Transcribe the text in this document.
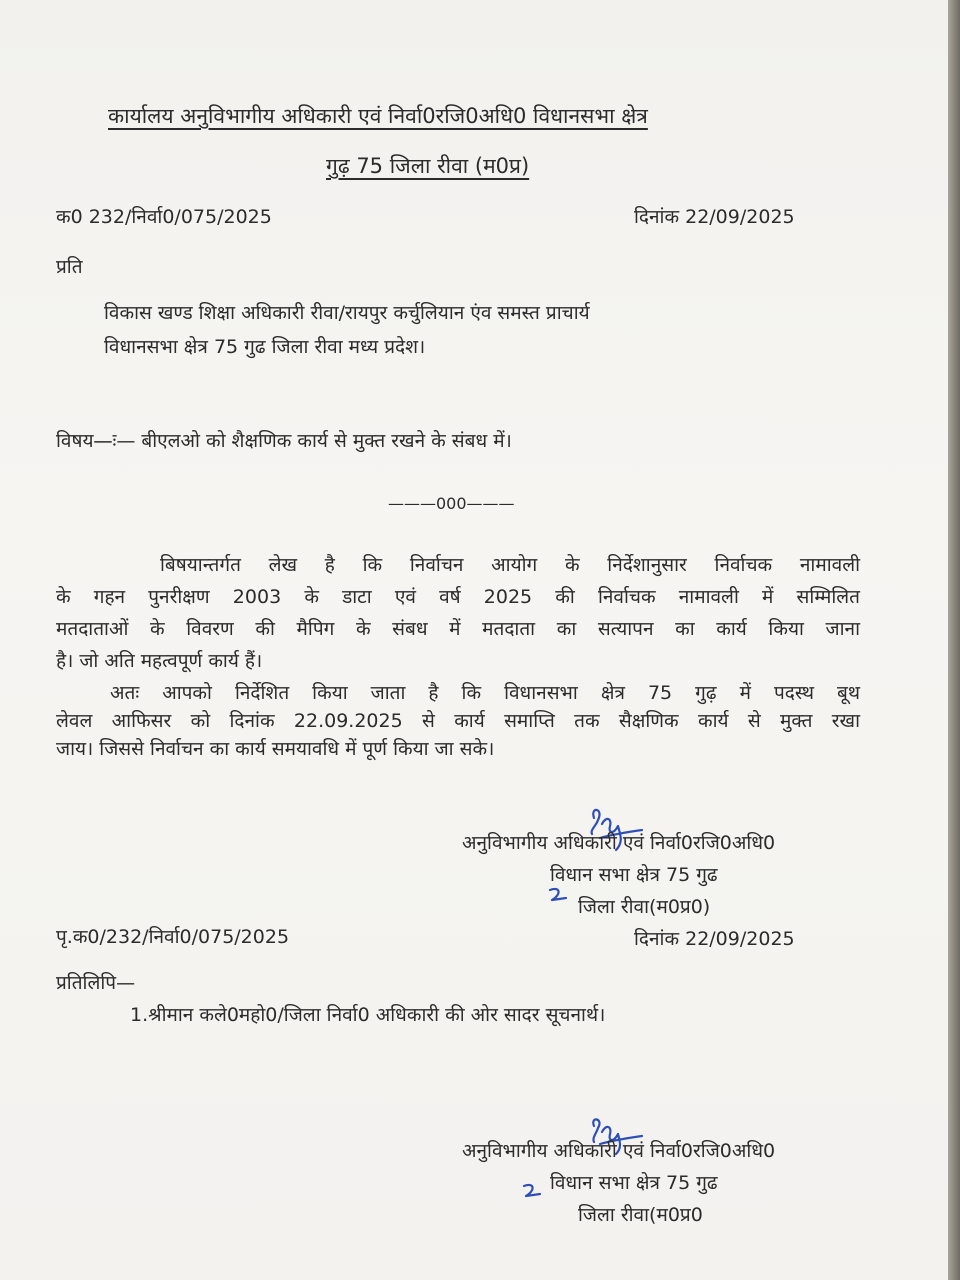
कार्यालय अनुविभागीय अधिकारी एवं निर्वा0रजि0अधि0 विधानसभा क्षेत्र
गुढ़ 75 जिला रीवा (म0प्र)
क0 232/निर्वा0/075/2025	दिनांक 22/09/2025
प्रति
विकास खण्ड शिक्षा अधिकारी रीवा/रायपुर कर्चुलियान एंव समस्त प्राचार्य
विधानसभा क्षेत्र 75 गुढ जिला रीवा मध्य प्रदेश।
विषय—ः— बीएलओ को शैक्षणिक कार्य से मुक्त रखने के संबध में।
———000———
बिषयान्तर्गत लेख है कि निर्वाचन आयोग के निर्देशानुसार निर्वाचक नामावली
के गहन पुनरीक्षण 2003 के डाटा एवं वर्ष 2025 की निर्वाचक नामावली में सम्मिलित
मतदाताओं के विवरण की मैपिग के संबध में मतदाता का सत्यापन का कार्य किया जाना
है। जो अति महत्वपूर्ण कार्य हैं।
अतः आपको निर्देशित किया जाता है कि विधानसभा क्षेत्र 75 गुढ़ में पदस्थ बूथ
लेवल आफिसर को दिनांक 22.09.2025 से कार्य समाप्ति तक सैक्षणिक कार्य से मुक्त रखा
जाय। जिससे निर्वाचन का कार्य समयावधि में पूर्ण किया जा सके।
अनुविभागीय अधिकारी एवं निर्वा0रजि0अधि0
विधान सभा क्षेत्र 75 गुढ
जिला रीवा(म0प्र0)
पृ.क0/232/निर्वा0/075/2025	दिनांक 22/09/2025
प्रतिलिपि—
1.श्रीमान कले0महो0/जिला निर्वा0 अधिकारी की ओर सादर सूचनार्थ।
अनुविभागीय अधिकारी एवं निर्वा0रजि0अधि0
विधान सभा क्षेत्र 75 गुढ
जिला रीवा(म0प्र0
